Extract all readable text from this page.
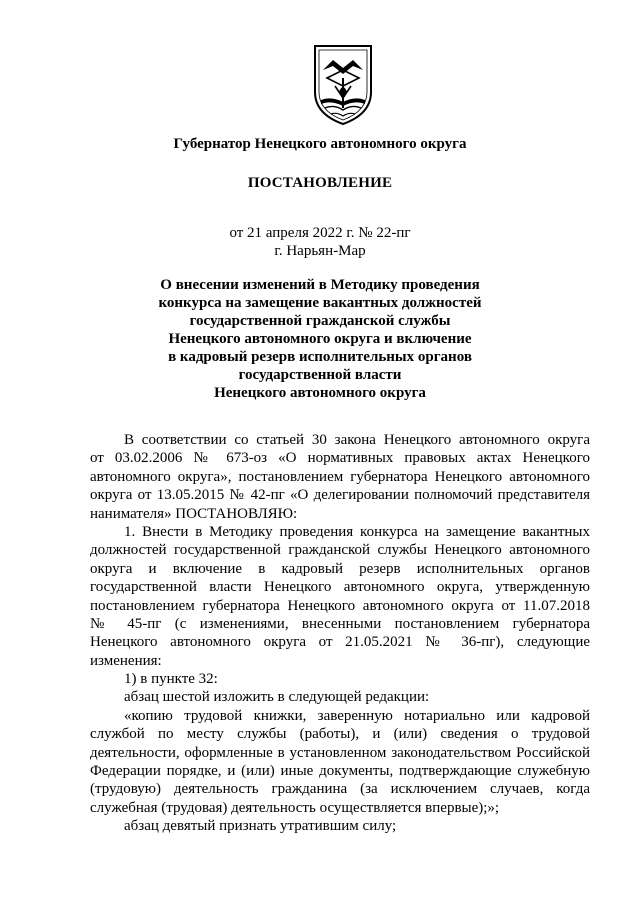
Губернатор Ненецкого автономного округа
ПОСТАНОВЛЕНИЕ
от 21 апреля 2022 г. № 22-пг
г. Нарьян-Мар
О внесении изменений в Методику проведения
конкурса на замещение вакантных должностей
государственной гражданской службы
Ненецкого автономного округа и включение
в кадровый резерв исполнительных органов
государственной власти
Ненецкого автономного округа
В соответствии со статьей 30 закона Ненецкого автономного округа
от 03.02.2006 № 673-оз «О нормативных правовых актах Ненецкого
автономного округа», постановлением губернатора Ненецкого автономного
округа от 13.05.2015 № 42-пг «О делегировании полномочий представителя
нанимателя» ПОСТАНОВЛЯЮ:
1. Внести в Методику проведения конкурса на замещение вакантных
должностей государственной гражданской службы Ненецкого автономного
округа и включение в кадровый резерв исполнительных органов
государственной власти Ненецкого автономного округа, утвержденную
постановлением губернатора Ненецкого автономного округа от 11.07.2018
№ 45-пг (с изменениями, внесенными постановлением губернатора
Ненецкого автономного округа от 21.05.2021 № 36-пг), следующие
изменения:
1) в пункте 32:
абзац шестой изложить в следующей редакции:
«копию трудовой книжки, заверенную нотариально или кадровой
службой по месту службы (работы), и (или) сведения о трудовой
деятельности, оформленные в установленном законодательством Российской
Федерации порядке, и (или) иные документы, подтверждающие служебную
(трудовую) деятельность гражданина (за исключением случаев, когда
служебная (трудовая) деятельность осуществляется впервые);»;
абзац девятый признать утратившим силу;
